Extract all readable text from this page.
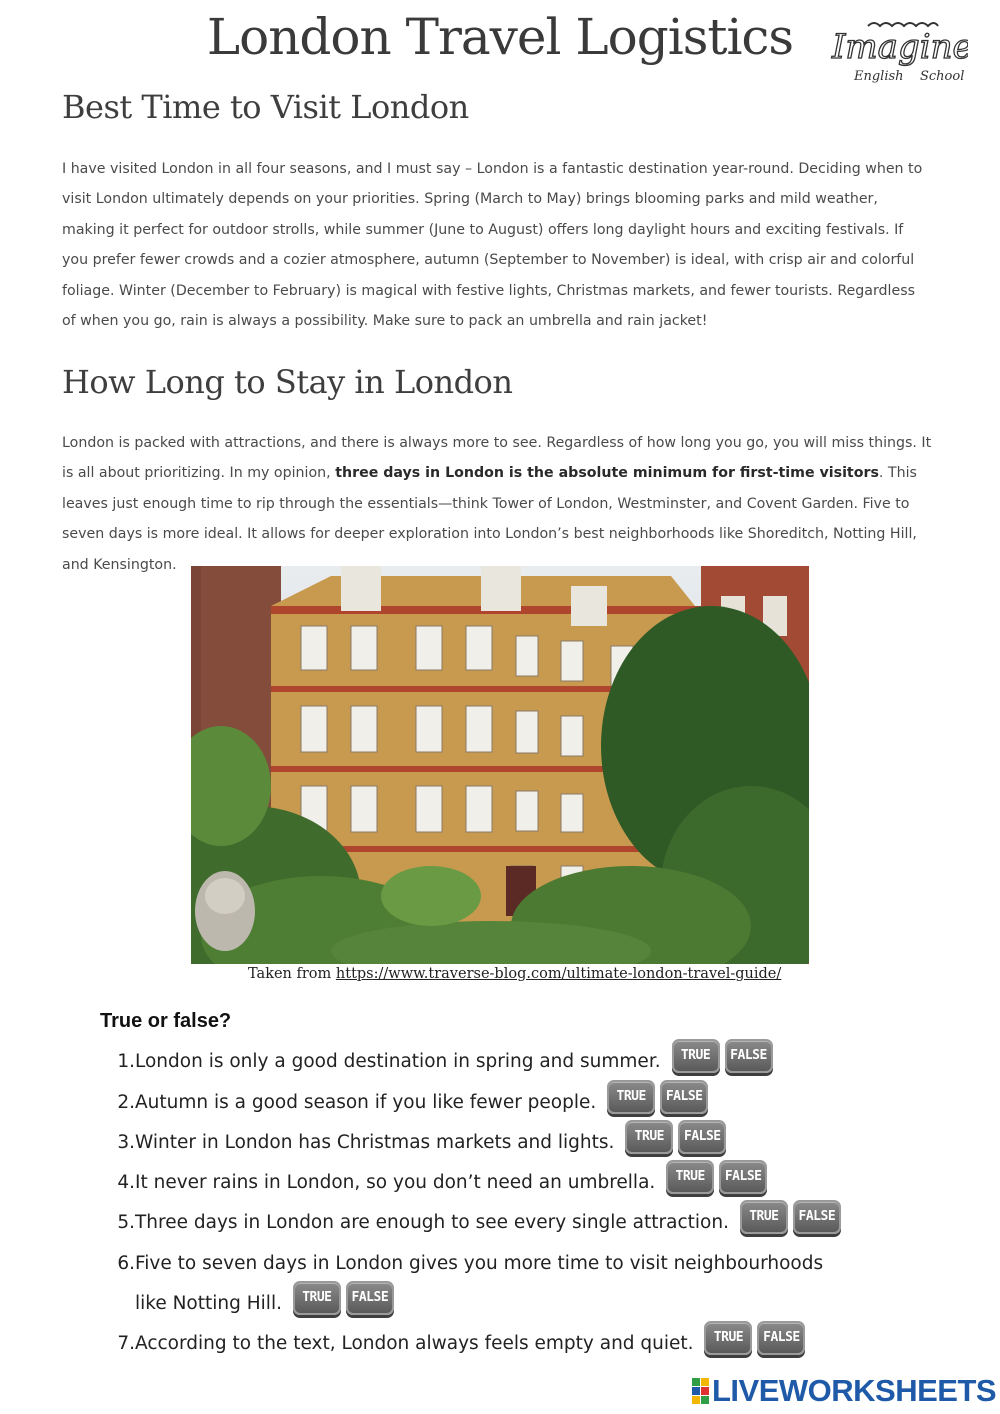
London Travel Logistics	Imagine
English School
Best Time to Visit London

I have visited London in all four seasons, and I must say – London is a fantastic destination year-round. Deciding when to visit London ultimately depends on your priorities. Spring (March to May) brings blooming parks and mild weather, making it perfect for outdoor strolls, while summer (June to August) offers long daylight hours and exciting festivals. If you prefer fewer crowds and a cozier atmosphere, autumn (September to November) is ideal, with crisp air and colorful foliage. Winter (December to February) is magical with festive lights, Christmas markets, and fewer tourists. Regardless of when you go, rain is always a possibility. Make sure to pack an umbrella and rain jacket!

How Long to Stay in London

London is packed with attractions, and there is always more to see. Regardless of how long you go, you will miss things. It is all about prioritizing. In my opinion, three days in London is the absolute minimum for first-time visitors. This leaves just enough time to rip through the essentials—think Tower of London, Westminster, and Covent Garden. Five to seven days is more ideal. It allows for deeper exploration into London’s best neighborhoods like Shoreditch, Notting Hill, and Kensington.

Taken from https://www.traverse-blog.com/ultimate-london-travel-guide/
True or false?
1.London is only a good destination in spring and summer. TRUE FALSE
2.Autumn is a good season if you like fewer people. TRUE FALSE
3.Winter in London has Christmas markets and lights. TRUE FALSE
4.It never rains in London, so you don’t need an umbrella. TRUE FALSE
5.Three days in London are enough to see every single attraction. TRUE FALSE
6.Five to seven days in London gives you more time to visit neighbourhoods
like Notting Hill. TRUE FALSE
7.According to the text, London always feels empty and quiet. TRUE FALSE
LIVEWORKSHEETS
